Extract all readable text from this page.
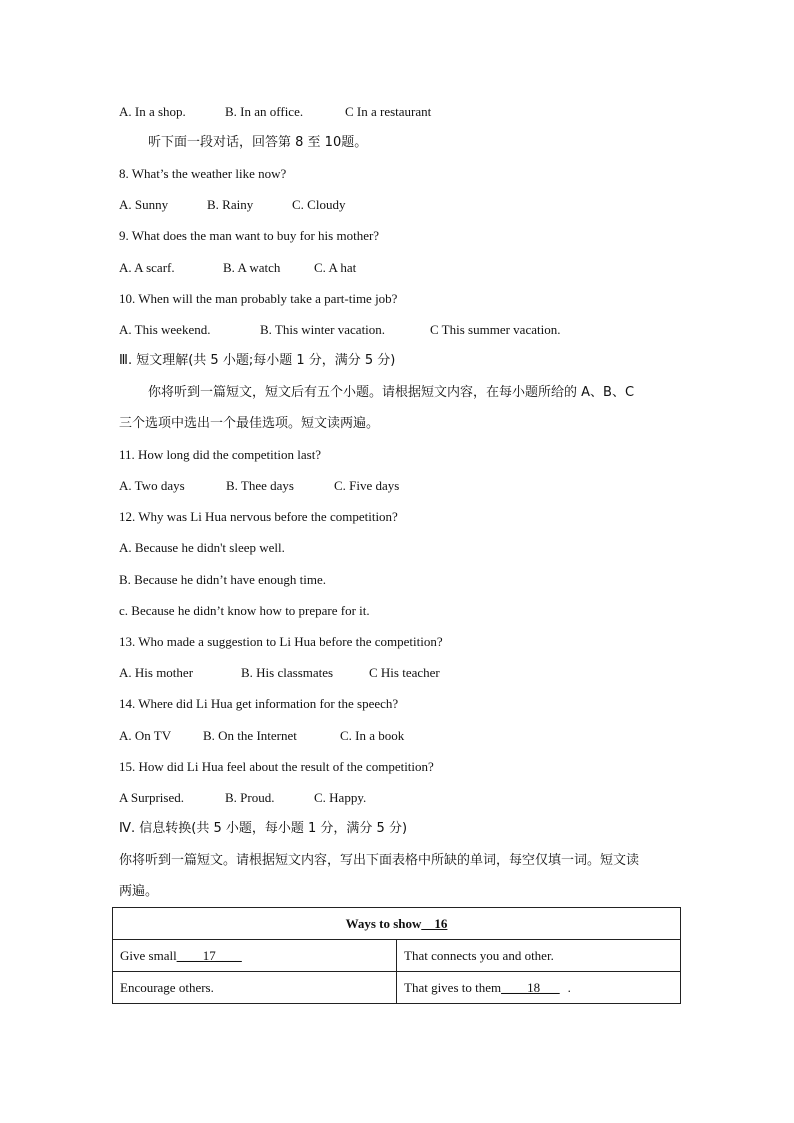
A. In a shop.	B. In an office.	C In a restaurant
听下面一段对话，回答第 8 至 10题。
8. What’s the weather like now?
A. Sunny	B. Rainy	C. Cloudy
9. What does the man want to buy for his mother?
A. A scarf.	B. A watch	C. A hat
10. When will the man probably take a part-time job?
A. This weekend.	B. This winter vacation.	C This summer vacation.
Ⅲ. 短文理解(共 5 小题;每小题 1 分，满分 5 分)
你将听到一篇短文，短文后有五个小题。请根据短文内容，在每小题所给的 A、B、C
三个选项中选出一个最佳选项。短文读两遍。
11. How long did the competition last?
A. Two days	B. Thee days	C. Five days
12. Why was Li Hua nervous before the competition?
A. Because he didn't sleep well.
B. Because he didn’t have enough time.
c. Because he didn’t know how to prepare for it.
13. Who made a suggestion to Li Hua before the competition?
A. His mother	B. His classmates	C His teacher
14. Where did Li Hua get information for the speech?
A. On TV B. On the Internet	C. In a book
15. How did Li Hua feel about the result of the competition?
A Surprised.	B. Proud.	C. Happy.
Ⅳ. 信息转换(共 5 小题，每小题 1 分，满分 5 分)
你将听到一篇短文。请根据短文内容，写出下面表格中所缺的单词，每空仅填一词。短文读
两遍。
Ways to show__16	
Give small____17____	That connects you and other.
Encourage others.	That gives to them____18___ .
